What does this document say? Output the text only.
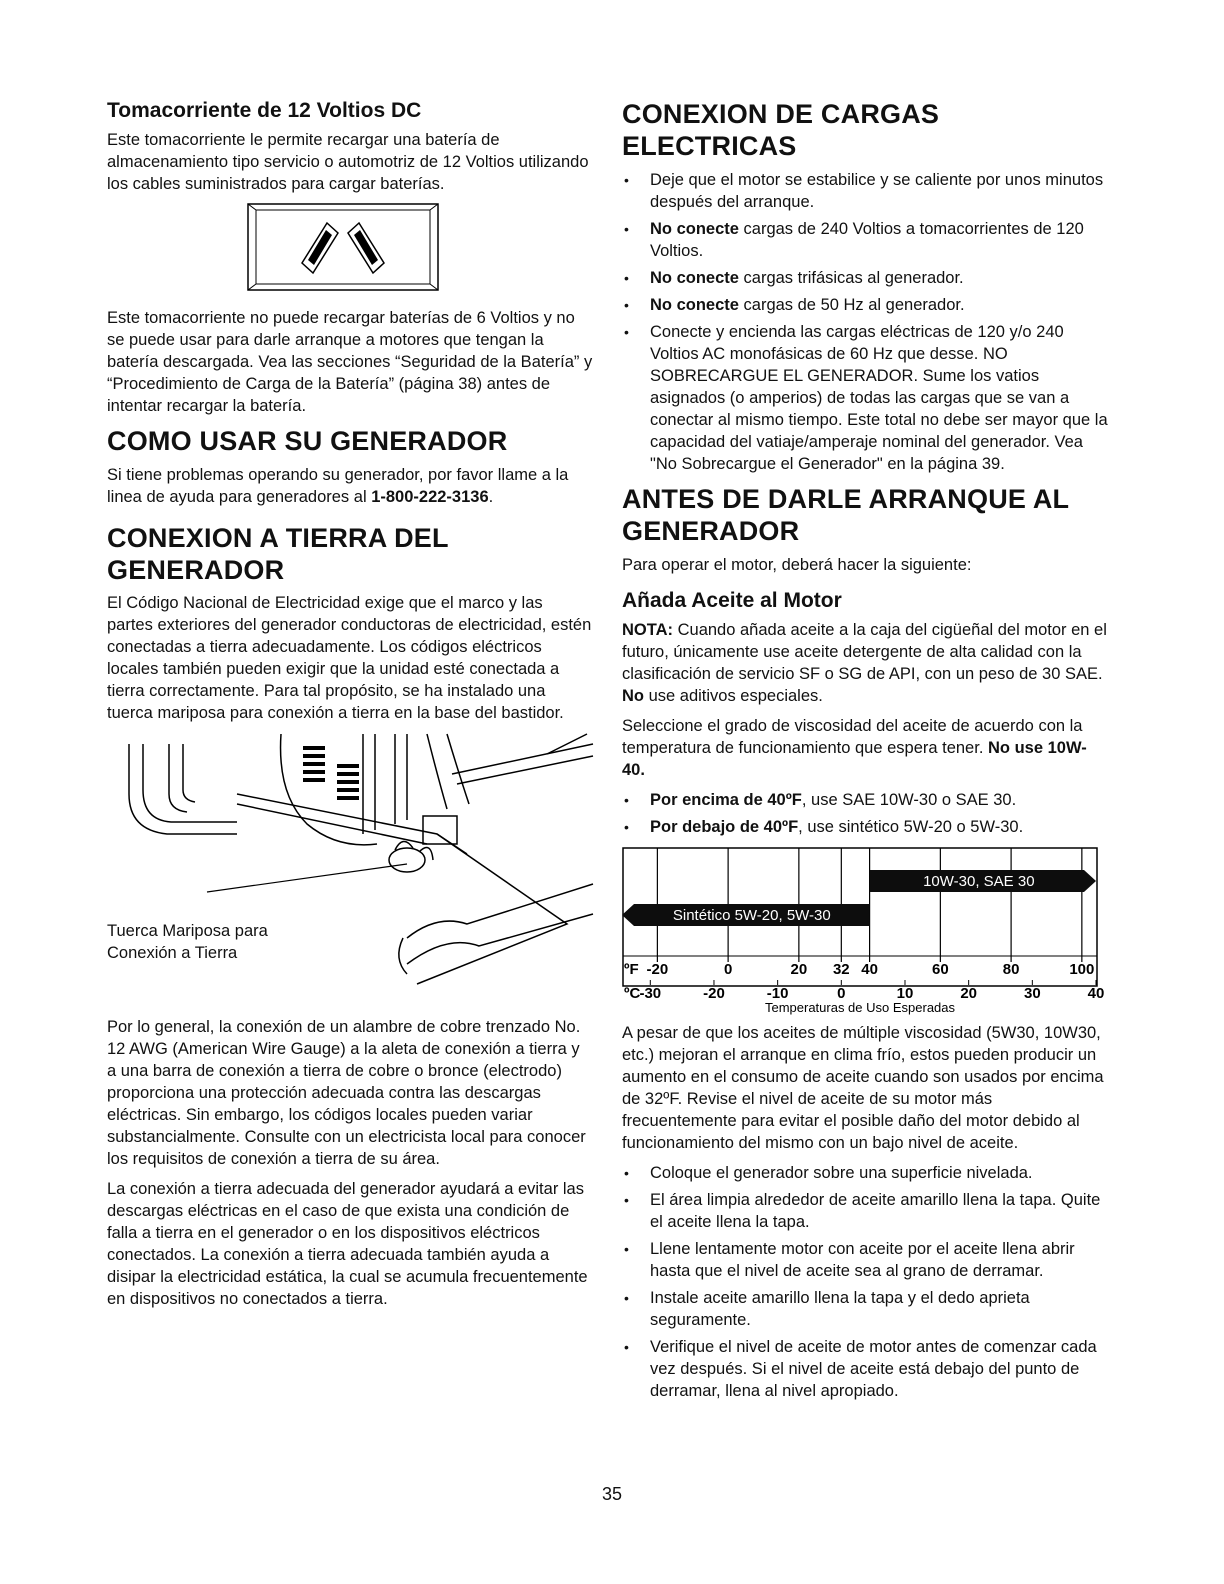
Tomacorriente de 12 Voltios DC

Este tomacorriente le permite recargar una batería de almacenamiento tipo servicio o automotriz de 12 Voltios utilizando los cables suministrados para cargar baterías.

Este tomacorriente no puede recargar baterías de 6 Voltios y no se puede usar para darle arranque a motores que tengan la batería descargada. Vea las secciones “Seguridad de la Batería” y “Procedimiento de Carga de la Batería” (página 38) antes de intentar recargar la batería.

COMO USAR SU GENERADOR

Si tiene problemas operando su generador, por favor llame a la linea de ayuda para generadores al 1-800-222-3136.

CONEXION A TIERRA DEL GENERADOR

El Código Nacional de Electricidad exige que el marco y las partes exteriores del generador conductoras de electricidad, estén conectadas a tierra adecuadamente. Los códigos eléctricos locales también pueden exigir que la unidad esté conectada a tierra correctamente. Para tal propósito, se ha instalado una tuerca mariposa para conexión a tierra en la base del bastidor.

Tuerca Mariposa para
Conexión a Tierra

Por lo general, la conexión de un alambre de cobre trenzado No. 12 AWG (American Wire Gauge) a la aleta de conexión a tierra y a una barra de conexión a tierra de cobre o bronce (electrodo) proporciona una protección adecuada contra las descargas eléctricas. Sin embargo, los códigos locales pueden variar substancialmente. Consulte con un electricista local para conocer los requisitos de conexión a tierra de su área.

La conexión a tierra adecuada del generador ayudará a evitar las descargas eléctricas en el caso de que exista una condición de falla a tierra en el generador o en los dispositivos eléctricos conectados. La conexión a tierra adecuada también ayuda a disipar la electricidad estática, la cual se acumula frecuentemente en dispositivos no conectados a tierra.

CONEXION DE CARGAS ELECTRICAS
• Deje que el motor se estabilice y se caliente por unos minutos después del arranque.
• No conecte cargas de 240 Voltios a tomacorrientes de 120 Voltios.
• No conecte cargas trifásicas al generador.
• No conecte cargas de 50 Hz al generador.
• Conecte y encienda las cargas eléctricas de 120 y/o 240 Voltios AC monofásicas de 60 Hz que desse. NO SOBRECARGUE EL GENERADOR. Sume los vatios asignados (o amperios) de todas las cargas que se van a conectar al mismo tiempo. Este total no debe ser mayor que la capacidad del vatiaje/amperaje nominal del generador. Vea "No Sobrecargue el Generador" en la página 39.
ANTES DE DARLE ARRANQUE AL GENERADOR

Para operar el motor, deberá hacer la siguiente:

Añada Aceite al Motor

NOTA: Cuando añada aceite a la caja del cigüeñal del motor en el futuro, únicamente use aceite detergente de alta calidad con la clasificación de servicio SF o SG de API, con un peso de 30 SAE. No use aditivos especiales.

Seleccione el grado de viscosidad del aceite de acuerdo con la temperatura de funcionamiento que espera tener. No use 10W-40.

• Por encima de 40ºF, use SAE 10W-30 o SAE 30.
• Por debajo de 40ºF, use sintético 5W-20 o 5W-30.
10W-30, SAE 30
Sintético 5W-20, 5W-30
ºF -20	0	20 32 40	60	80	100
ºC -30	-20	-10	0	10	20	30	40
Temperaturas de Uso Esperadas

A pesar de que los aceites de múltiple viscosidad (5W30, 10W30, etc.) mejoran el arranque en clima frío, estos pueden producir un aumento en el consumo de aceite cuando son usados por encima de 32ºF. Revise el nivel de aceite de su motor más frecuentemente para evitar el posible daño del motor debido al funcionamiento del mismo con un bajo nivel de aceite.

• Coloque el generador sobre una superficie nivelada.
• El área limpia alrededor de aceite amarillo llena la tapa. Quite el aceite llena la tapa.
• Llene lentamente motor con aceite por el aceite llena abrir hasta que el nivel de aceite sea al grano de derramar.
• Instale aceite amarillo llena la tapa y el dedo aprieta seguramente.
• Verifique el nivel de aceite de motor antes de comenzar cada vez después. Si el nivel de aceite está debajo del punto de derramar, llena al nivel apropiado.
35
